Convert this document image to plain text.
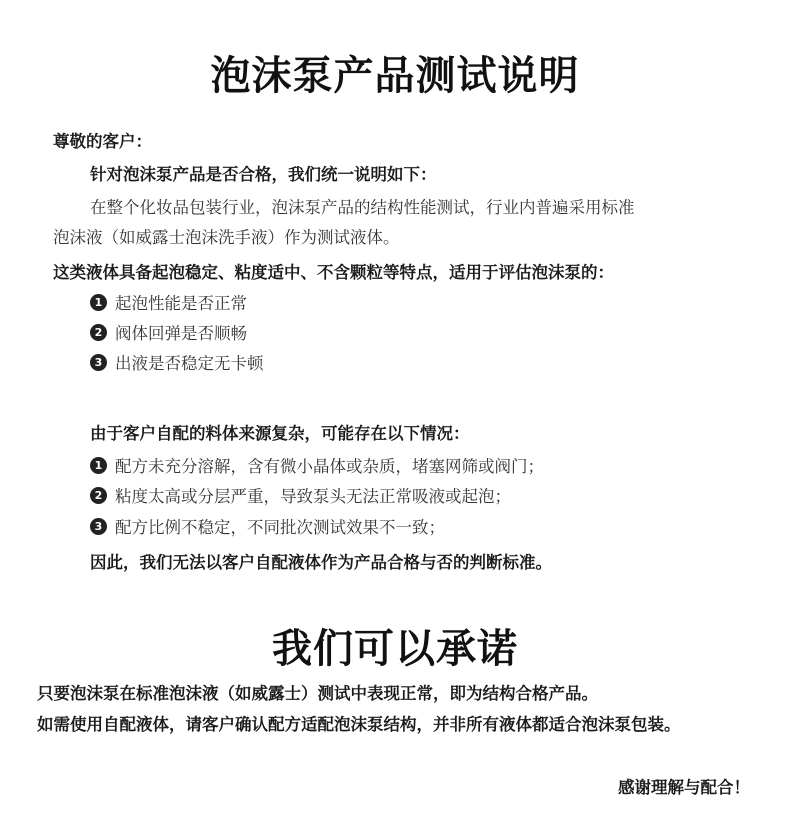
泡沫泵产品测试说明
尊敬的客户：
针对泡沫泵产品是否合格，我们统一说明如下：
在整个化妆品包装行业，泡沫泵产品的结构性能测试，行业内普遍采用标准
泡沫液（如威露士泡沫洗手液）作为测试液体。
这类液体具备起泡稳定、粘度适中、不含颗粒等特点，适用于评估泡沫泵的：
1 起泡性能是否正常
2 阀体回弹是否顺畅
3 出液是否稳定无卡顿
由于客户自配的料体来源复杂，可能存在以下情况：
1 配方未充分溶解，含有微小晶体或杂质，堵塞网筛或阀门；
2 粘度太高或分层严重，导致泵头无法正常吸液或起泡；
3 配方比例不稳定，不同批次测试效果不一致；
因此，我们无法以客户自配液体作为产品合格与否的判断标准。
我们可以承诺
只要泡沫泵在标准泡沫液（如威露士）测试中表现正常，即为结构合格产品。
如需使用自配液体，请客户确认配方适配泡沫泵结构，并非所有液体都适合泡沫泵包装。
感谢理解与配合！
